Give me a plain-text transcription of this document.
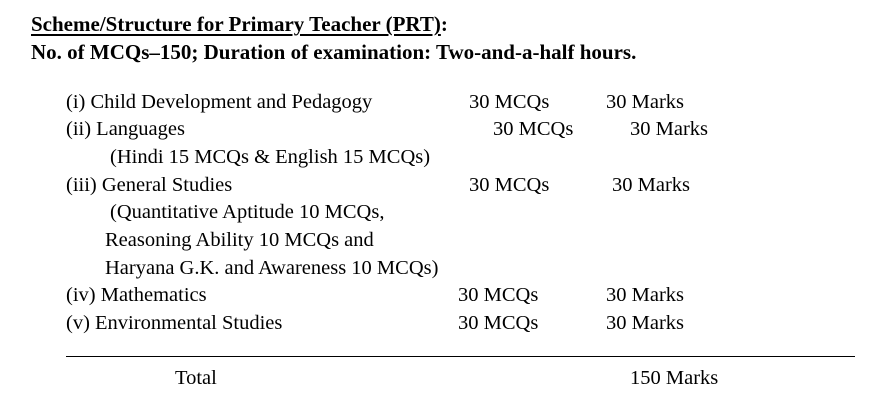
Scheme/Structure for Primary Teacher (PRT):
No. of MCQs–150; Duration of examination: Two-and-a-half hours.
(i) Child Development and Pedagogy	30 MCQs	30 Marks
(ii) Languages	30 MCQs	30 Marks
(Hindi 15 MCQs & English 15 MCQs)
(iii) General Studies	30 MCQs	30 Marks
(Quantitative Aptitude 10 MCQs,
Reasoning Ability 10 MCQs and
Haryana G.K. and Awareness 10 MCQs)
(iv) Mathematics	30 MCQs	30 Marks
(v) Environmental Studies	30 MCQs	30 Marks
Total	150 Marks
